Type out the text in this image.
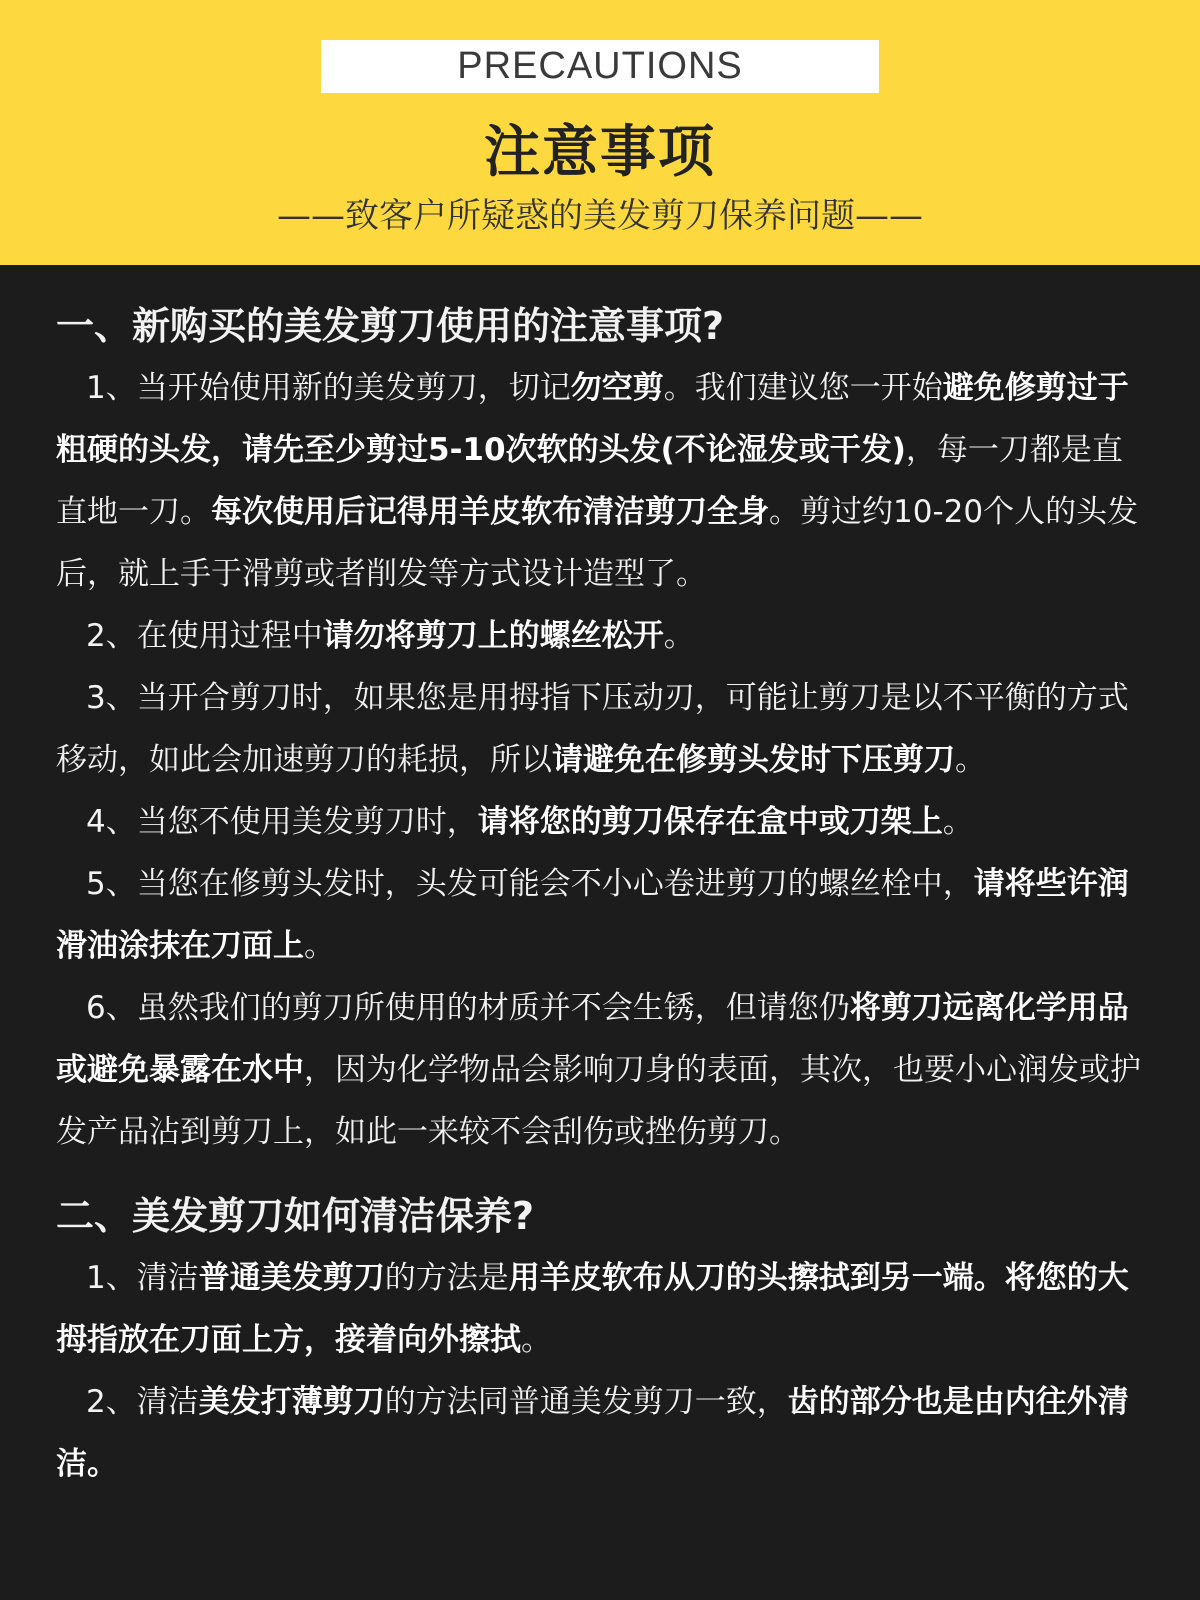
PRECAUTIONS
注意事项
——致客户所疑惑的美发剪刀保养问题——
一、新购买的美发剪刀使用的注意事项?

1、当开始使用新的美发剪刀，切记勿空剪。我们建议您一开始避免修剪过于粗硬的头发，请先至少剪过5-10次软的头发(不论湿发或干发)，每一刀都是直直地一刀。每次使用后记得用羊皮软布清洁剪刀全身。剪过约10-20个人的头发后，就上手于滑剪或者削发等方式设计造型了。

2、在使用过程中请勿将剪刀上的螺丝松开。

3、当开合剪刀时，如果您是用拇指下压动刃，可能让剪刀是以不平衡的方式移动，如此会加速剪刀的耗损，所以请避免在修剪头发时下压剪刀。

4、当您不使用美发剪刀时，请将您的剪刀保存在盒中或刀架上。

5、当您在修剪头发时，头发可能会不小心卷进剪刀的螺丝栓中，请将些许润滑油涂抹在刀面上。

6、虽然我们的剪刀所使用的材质并不会生锈，但请您仍将剪刀远离化学用品或避免暴露在水中，因为化学物品会影响刀身的表面，其次，也要小心润发或护发产品沾到剪刀上，如此一来较不会刮伤或挫伤剪刀。

二、美发剪刀如何清洁保养?

1、清洁普通美发剪刀的方法是用羊皮软布从刀的头擦拭到另一端。将您的大拇指放在刀面上方，接着向外擦拭。

2、清洁美发打薄剪刀的方法同普通美发剪刀一致，齿的部分也是由内往外清洁。
